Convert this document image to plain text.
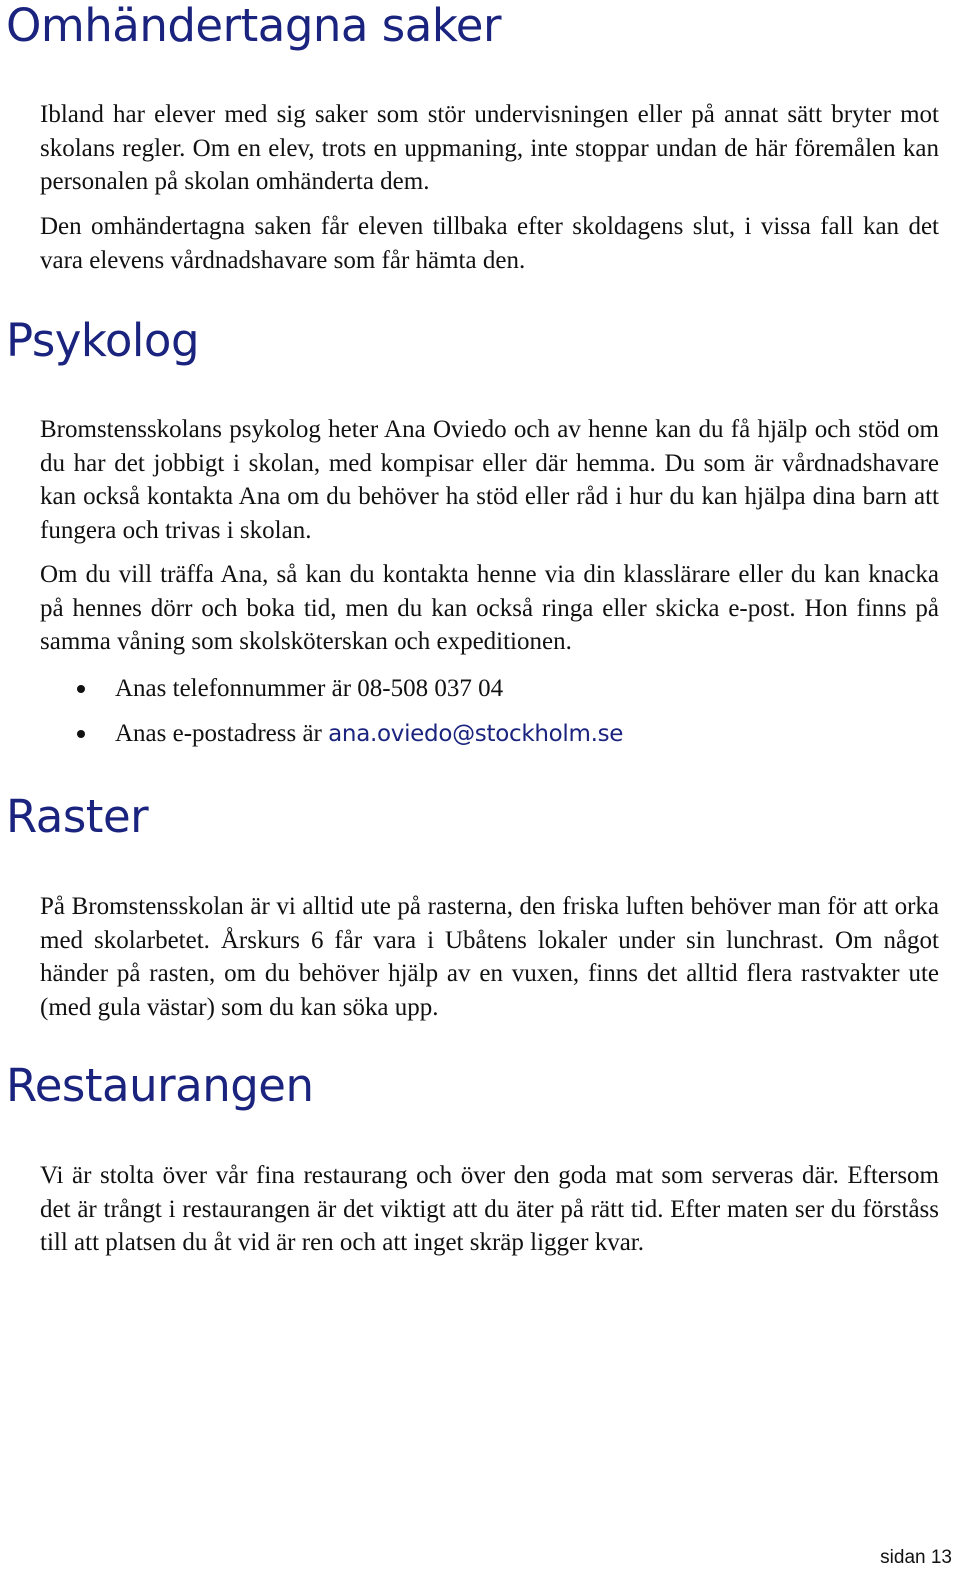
Omhändertagna saker

Ibland har elever med sig saker som stör undervisningen eller på annat sätt bryter mot skolans regler. Om en elev, trots en uppmaning, inte stoppar undan de här föremålen kan personalen på skolan omhänderta dem.

Den omhändertagna saken får eleven tillbaka efter skoldagens slut, i vissa fall kan det vara elevens vårdnadshavare som får hämta den.

Psykolog

Bromstensskolans psykolog heter Ana Oviedo och av henne kan du få hjälp och stöd om du har det jobbigt i skolan, med kompisar eller där hemma. Du som är vårdnadshavare kan också kontakta Ana om du behöver ha stöd eller råd i hur du kan hjälpa dina barn att fungera och trivas i skolan.

Om du vill träffa Ana, så kan du kontakta henne via din klasslärare eller du kan knacka på hennes dörr och boka tid, men du kan också ringa eller skicka e-post. Hon finns på samma våning som skolsköterskan och expeditionen.

Anas telefonnummer är 08-508 037 04
Anas e-postadress är ana.oviedo@stockholm.se
Raster

På Bromstensskolan är vi alltid ute på rasterna, den friska luften behöver man för att orka med skolarbetet. Årskurs 6 får vara i Ubåtens lokaler under sin lunchrast. Om något händer på rasten, om du behöver hjälp av en vuxen, finns det alltid flera rastvakter ute (med gula västar) som du kan söka upp.

Restaurangen

Vi är stolta över vår fina restaurang och över den goda mat som serveras där. Eftersom det är trångt i restaurangen är det viktigt att du äter på rätt tid. Efter maten ser du förståss till att platsen du åt vid är ren och att inget skräp ligger kvar.

sidan 13
